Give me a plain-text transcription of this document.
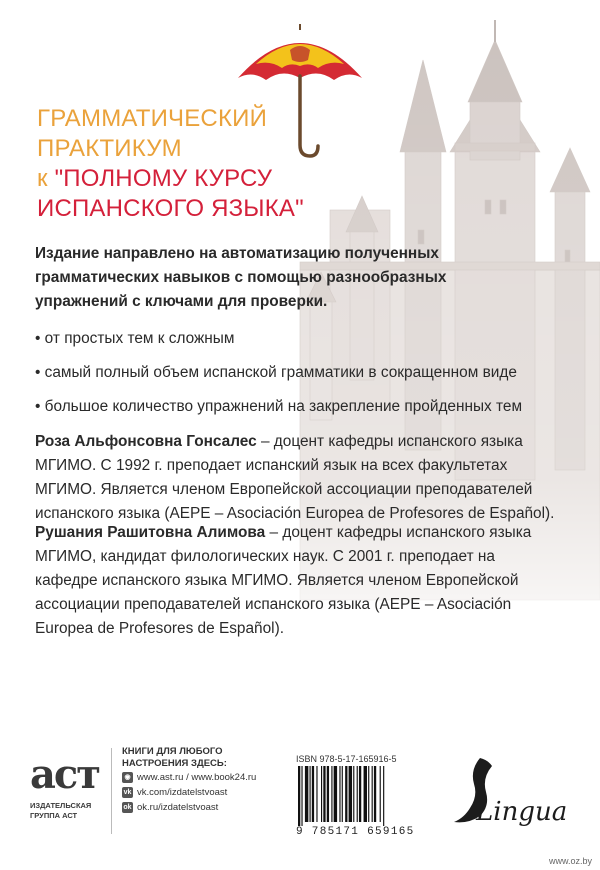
ГРАММАТИЧЕСКИЙ
ПРАКТИКУМ
к "ПОЛНОМУ КУРСУ
ИСПАНСКОГО ЯЗЫКА"

Издание направлено на автоматизацию полученных
грамматических навыков с помощью разнообразных
упражнений с ключами для проверки.

• от простых тем к сложным

• самый полный объем испанской грамматики в сокращенном виде

• большое количество упражнений на закрепление пройденных тем

Роза Альфонсовна Гонсалес – доцент кафедры испанского языка
МГИМО. С 1992 г. преподает испанский язык на всех факультетах
МГИМО. Является членом Европейской ассоциации преподавателей
испанского языка (AEPE – Asociación Europea de Profesores de Español).

Рушания Рашитовна Алимова – доцент кафедры испанского языка
МГИМО, кандидат филологических наук. С 2001 г. преподает на
кафедре испанского языка МГИМО. Является членом Европейской
ассоциации преподавателей испанского языка (AEPE – Asociación
Europea de Profesores de Español).

аст
ИЗДАТЕЛЬСКАЯ
ГРУППА АСТ
КНИГИ ДЛЯ ЛЮБОГО
НАСТРОЕНИЯ ЗДЕСЬ:
◉ www.ast.ru / www.book24.ru
vk vk.com/izdatelstvoast
ok ok.ru/izdatelstvoast
ISBN 978-5-17-165916-5
9 785171 659165
Lingua
www.oz.by
